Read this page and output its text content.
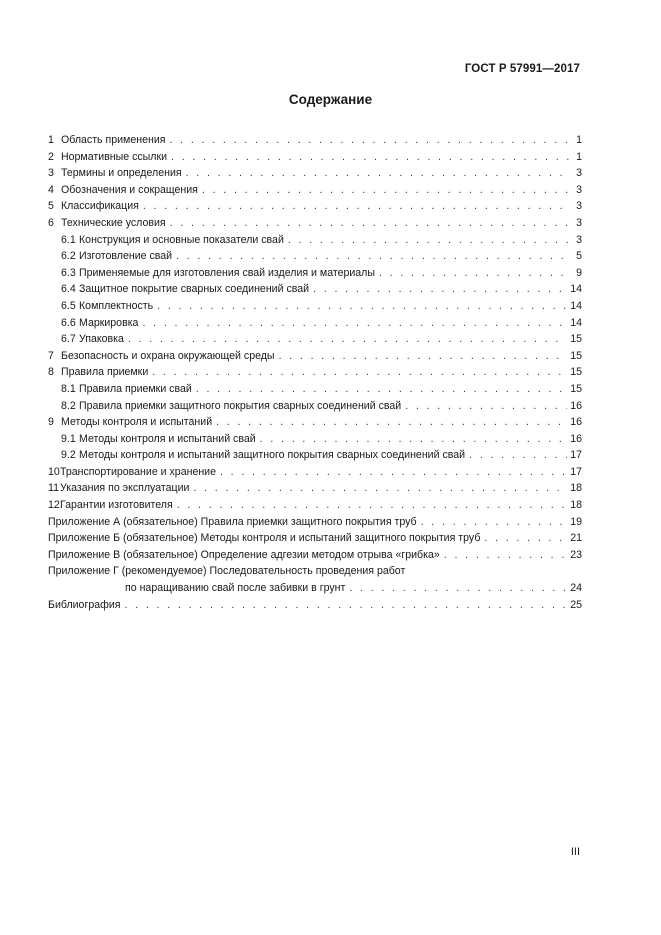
ГОСТ Р 57991—2017
Содержание
1 Область применения . . .	1
2 Нормативные ссылки . . .	1
3 Термины и определения . . .	3
4 Обозначения и сокращения . . .	3
5 Классификация . . .	3
6 Технические условия . . .	3
6.1 Конструкция и основные показатели свай . . .	3
6.2 Изготовление свай . . .	5
6.3 Применяемые для изготовления свай изделия и материалы . . .	9
6.4 Защитное покрытие сварных соединений свай . . .	14
6.5 Комплектность . . .	14
6.6 Маркировка . . .	14
6.7 Упаковка . . .	15
7 Безопасность и охрана окружающей среды . . .	15
8 Правила приемки . . .	15
8.1 Правила приемки свай . . .	15
8.2 Правила приемки защитного покрытия сварных соединений свай . . .	16
9 Методы контроля и испытаний . . .	16
9.1 Методы контроля и испытаний свай . . .	16
9.2 Методы контроля и испытаний защитного покрытия сварных соединений свай . . .	17
10 Транспортирование и хранение . . .	17
11 Указания по эксплуатации . . .	18
12 Гарантии изготовителя . . .	18
Приложение А (обязательное) Правила приемки защитного покрытия труб . . .	19
Приложение Б (обязательное) Методы контроля и испытаний защитного покрытия труб . . .	21
Приложение В (обязательное) Определение адгезии методом отрыва «грибка» . . .	23
Приложение Г (рекомендуемое) Последовательность проведения работ
по наращиванию свай после забивки в грунт . . .	24
Библиография . . .	25
III
